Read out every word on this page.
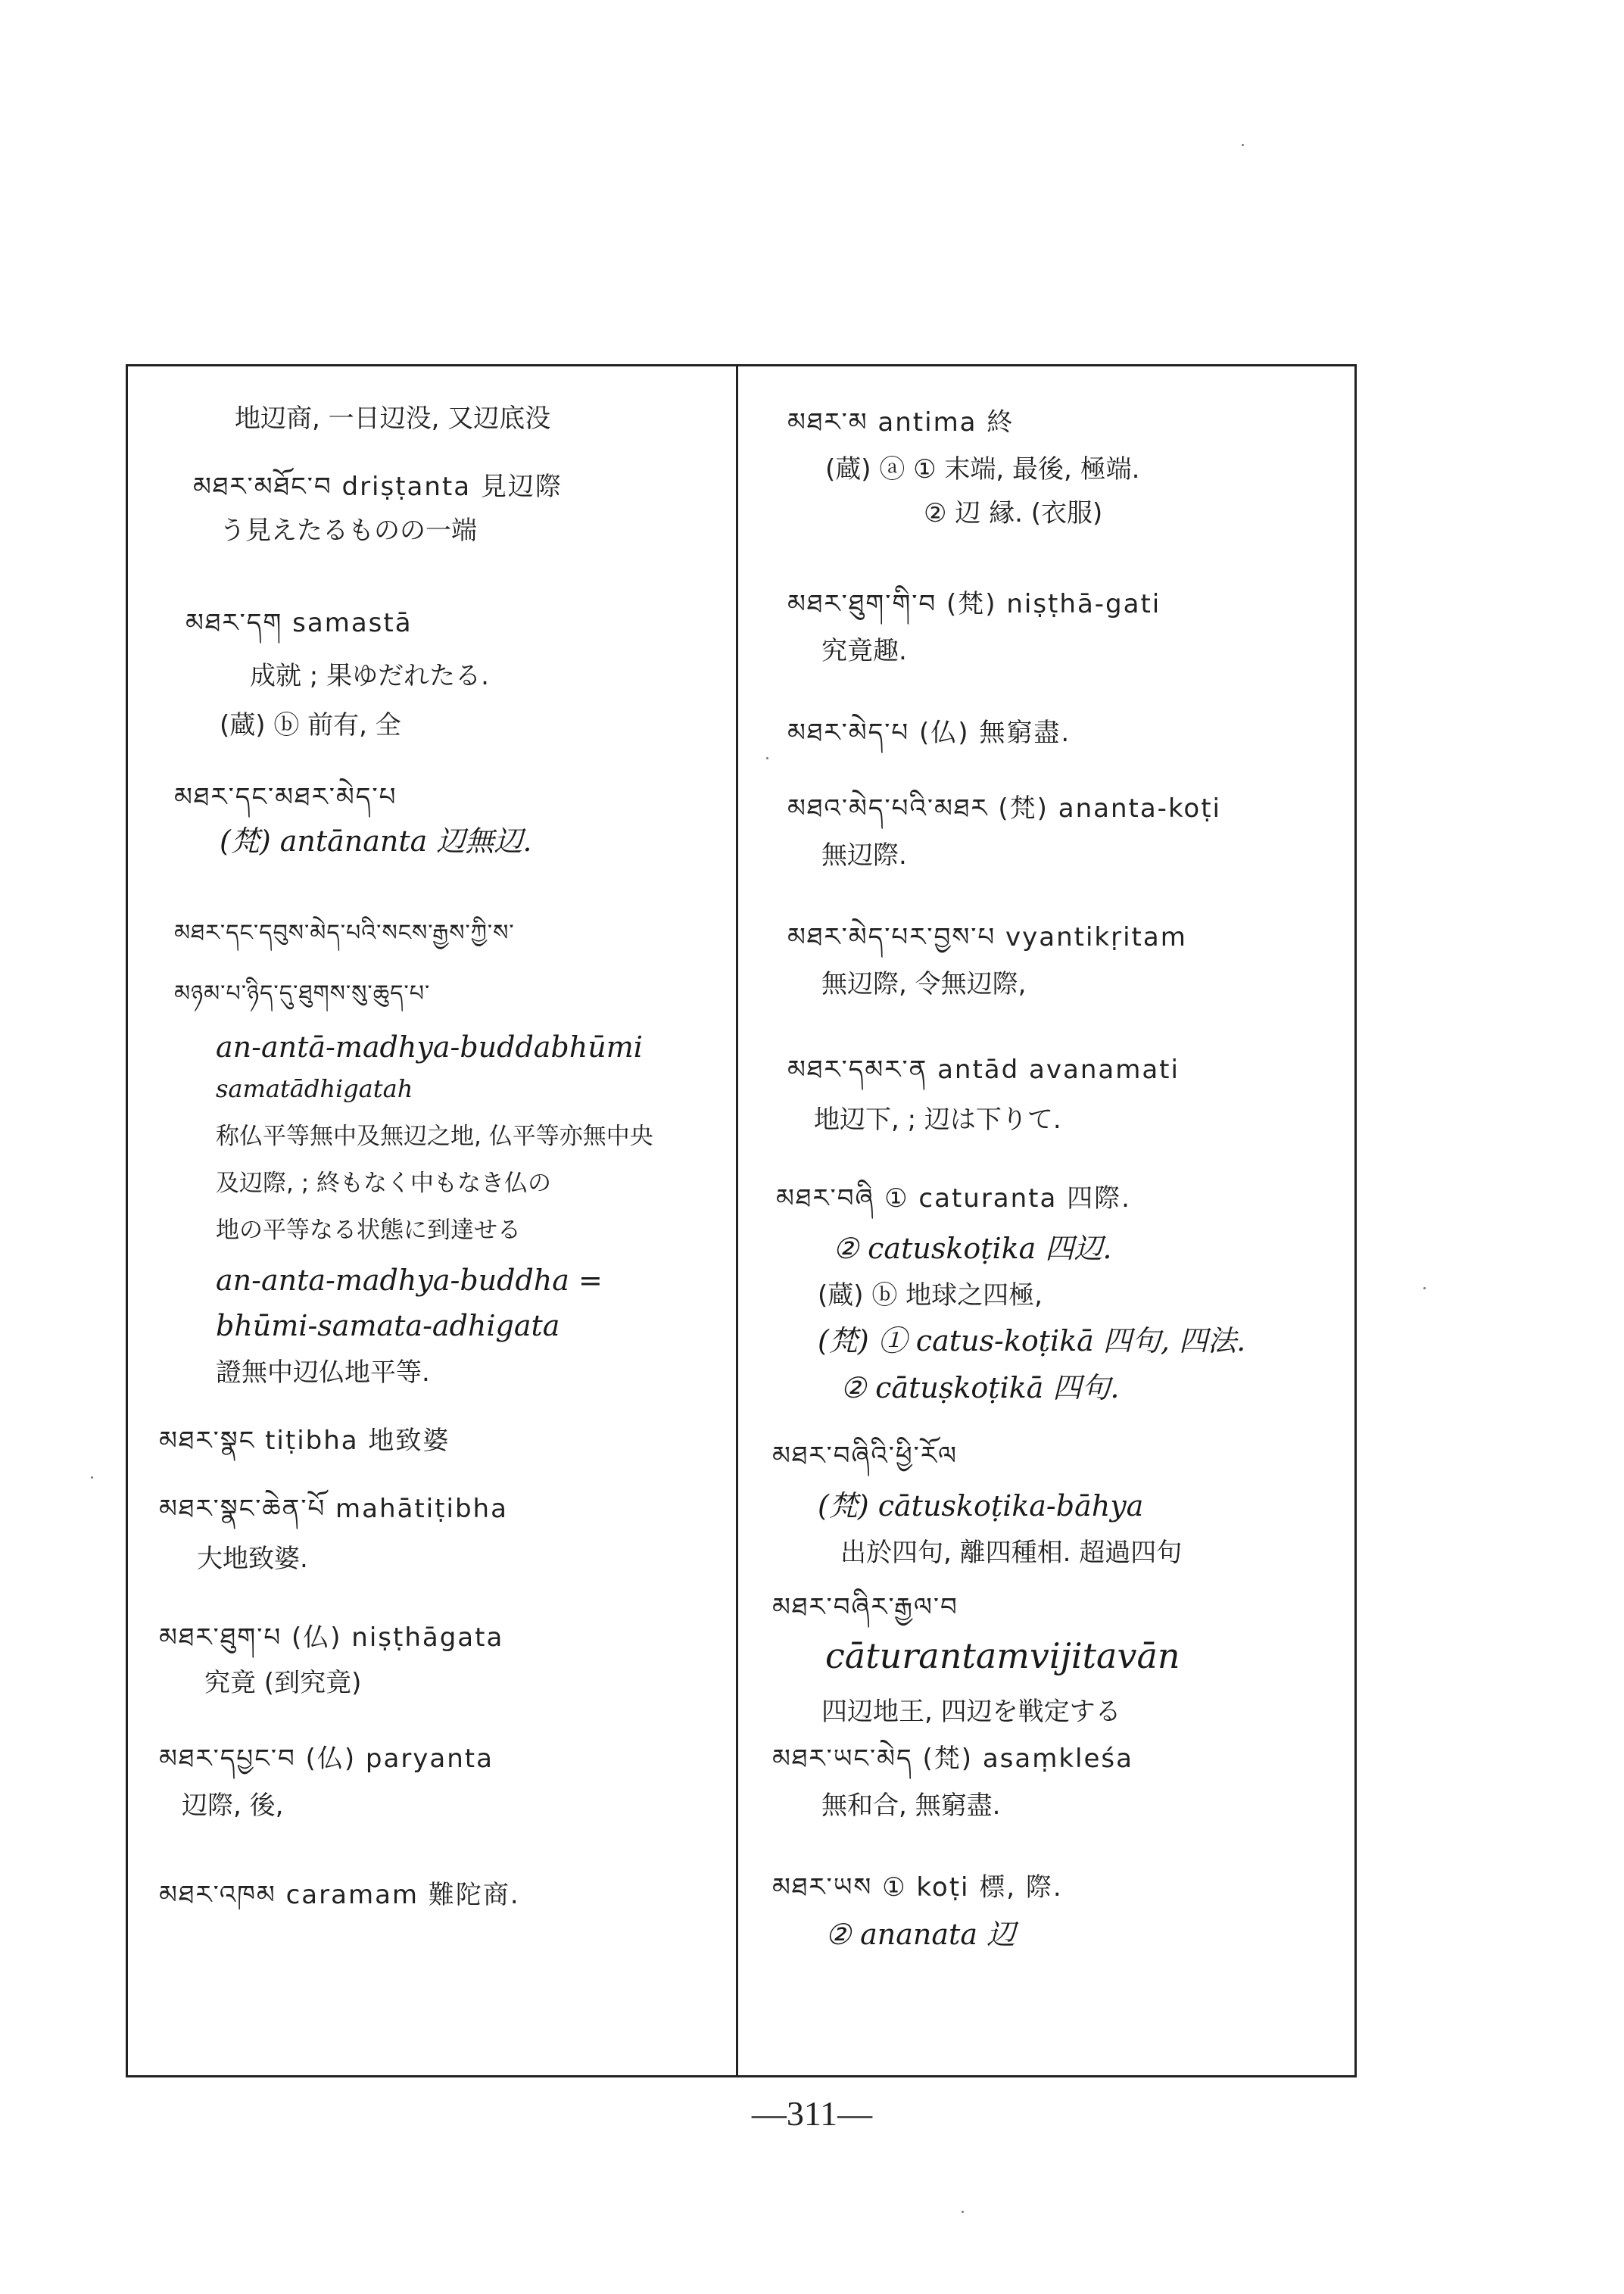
地辺商, 一日辺没, 又辺底没
མཐར་མཐོང་བ driṣṭanta 見辺際
う見えたるものの一端
མཐར་དག samastā
成就 ; 果ゆだれたる.
(蔵) ⓑ 前有, 全
མཐར་དང་མཐར་མེད་པ
(梵) antānanta 辺無辺.
མཐར་དང་དབུས་མེད་པའི་སངས་རྒྱས་ཀྱི་ས་
མཉམ་པ་ཉིད་དུ་ཐུགས་སུ་ཆུད་པ་
an-antā-madhya-buddabhūmi
samatādhigatah
称仏平等無中及無辺之地, 仏平等亦無中央
及辺際, ; 終もなく中もなき仏の
地の平等なる状態に到達せる
an-anta-madhya-buddha =
bhūmi-samata-adhigata
證無中辺仏地平等.
མཐར་སྣང tiṭibha 地致婆
མཐར་སྣང་ཆེན་པོ mahātiṭibha
大地致婆.
མཐར་ཐུག་པ (仏) niṣṭhāgata
究竟 (到究竟)
མཐར་དཔྱང་བ (仏) paryanta
辺際, 後,
མཐར་འཁམ caramam 難陀商.
མཐར་མ antima 終
(蔵) ⓐ ① 末端, 最後, 極端.
② 辺 縁. (衣服)
མཐར་ཐུག་གི་བ (梵) niṣṭhā-gati
究竟趣.
མཐར་མེད་པ (仏) 無窮盡.
མཐའ་མེད་པའི་མཐར (梵) ananta-koṭi
無辺際.
མཐར་མེད་པར་བྱས་པ vyantikṛitam
無辺際, 令無辺際,
མཐར་དམར་ན antād avanamati
地辺下, ; 辺は下りて.
མཐར་བཞི ① caturanta 四際.
② catuskoṭika 四辺.
(蔵) ⓑ 地球之四極,
(梵) ① catus-koṭikā 四句, 四法.
② cātuṣkoṭikā 四句.
མཐར་བཞིའི་ཕྱི་རོལ
(梵) cātuskoṭika-bāhya
出於四句, 離四種相. 超過四句
མཐར་བཞིར་རྒྱལ་བ
cāturantamvijitavān
四辺地王, 四辺を戦定する
མཐར་ཡང་མེད (梵) asaṃkleśa
無和合, 無窮盡.
མཐར་ཡས ① koṭi 標, 際.
② ananata 辺
—311—
